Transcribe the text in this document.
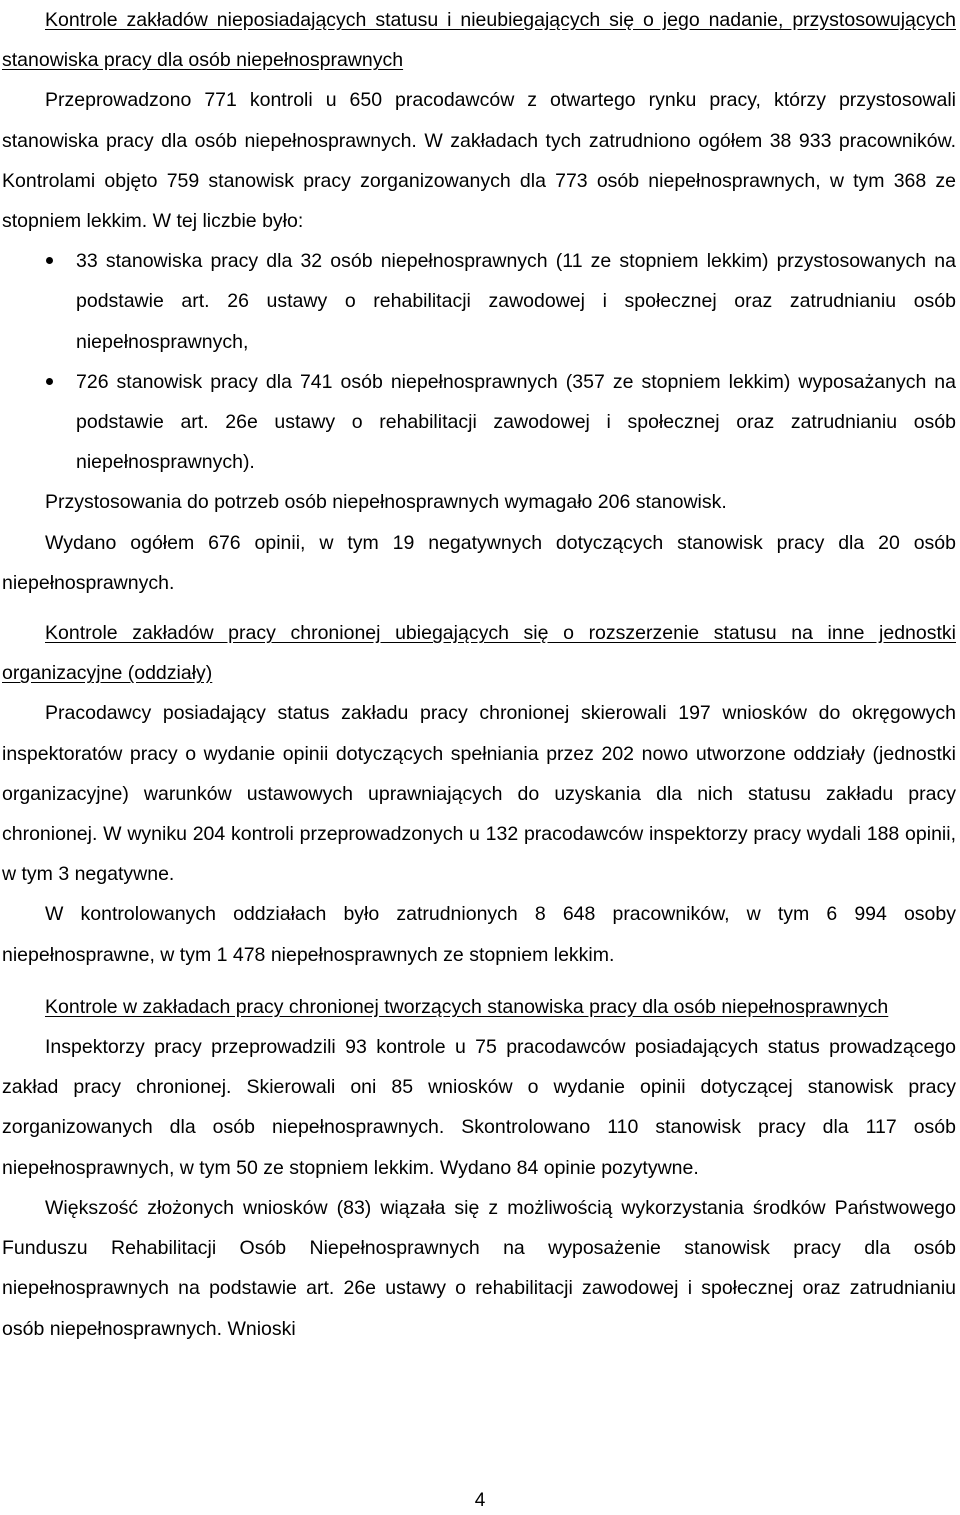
Kontrole zakładów nieposiadających statusu i nieubiegających się o jego nadanie, przystosowujących stanowiska pracy dla osób niepełnosprawnych

Przeprowadzono 771 kontroli u 650 pracodawców z otwartego rynku pracy, którzy przystosowali stanowiska pracy dla osób niepełnosprawnych. W zakładach tych zatrudniono ogółem 38 933 pracowników. Kontrolami objęto 759 stanowisk pracy zorganizowanych dla 773 osób niepełnosprawnych, w tym 368 ze stopniem lekkim. W tej liczbie było:

33 stanowiska pracy dla 32 osób niepełnosprawnych (11 ze stopniem lekkim) przystosowanych na podstawie art. 26 ustawy o rehabilitacji zawodowej i społecznej oraz zatrudnianiu osób niepełnosprawnych,
726 stanowisk pracy dla 741 osób niepełnosprawnych (357 ze stopniem lekkim) wyposażanych na podstawie art. 26e ustawy o rehabilitacji zawodowej i społecznej oraz zatrudnianiu osób niepełnosprawnych).

Przystosowania do potrzeb osób niepełnosprawnych wymagało 206 stanowisk.

Wydano ogółem 676 opinii, w tym 19 negatywnych dotyczących stanowisk pracy dla 20 osób niepełnosprawnych.

Kontrole zakładów pracy chronionej ubiegających się o rozszerzenie statusu na inne jednostki organizacyjne (oddziały)

Pracodawcy posiadający status zakładu pracy chronionej skierowali 197 wniosków do okręgowych inspektoratów pracy o wydanie opinii dotyczących spełniania przez 202 nowo utworzone oddziały (jednostki organizacyjne) warunków ustawowych uprawniających do uzyskania dla nich statusu zakładu pracy chronionej. W wyniku 204 kontroli przeprowadzonych u 132 pracodawców inspektorzy pracy wydali 188 opinii, w tym 3 negatywne.

W kontrolowanych oddziałach było zatrudnionych 8 648 pracowników, w tym 6 994 osoby niepełnosprawne, w tym 1 478 niepełnosprawnych ze stopniem lekkim.

Kontrole w zakładach pracy chronionej tworzących stanowiska pracy dla osób niepełnosprawnych

Inspektorzy pracy przeprowadzili 93 kontrole u 75 pracodawców posiadających status prowadzącego zakład pracy chronionej. Skierowali oni 85 wniosków o wydanie opinii dotyczącej stanowisk pracy zorganizowanych dla osób niepełnosprawnych. Skontrolowano 110 stanowisk pracy dla 117 osób niepełnosprawnych, w tym 50 ze stopniem lekkim. Wydano 84 opinie pozytywne.

Większość złożonych wniosków (83) wiązała się z możliwością wykorzystania środków Państwowego Funduszu Rehabilitacji Osób Niepełnosprawnych na wyposażenie stanowisk pracy dla osób niepełnosprawnych na podstawie art. 26e ustawy o rehabilitacji zawodowej i społecznej oraz zatrudnianiu osób niepełnosprawnych. Wnioski

4
